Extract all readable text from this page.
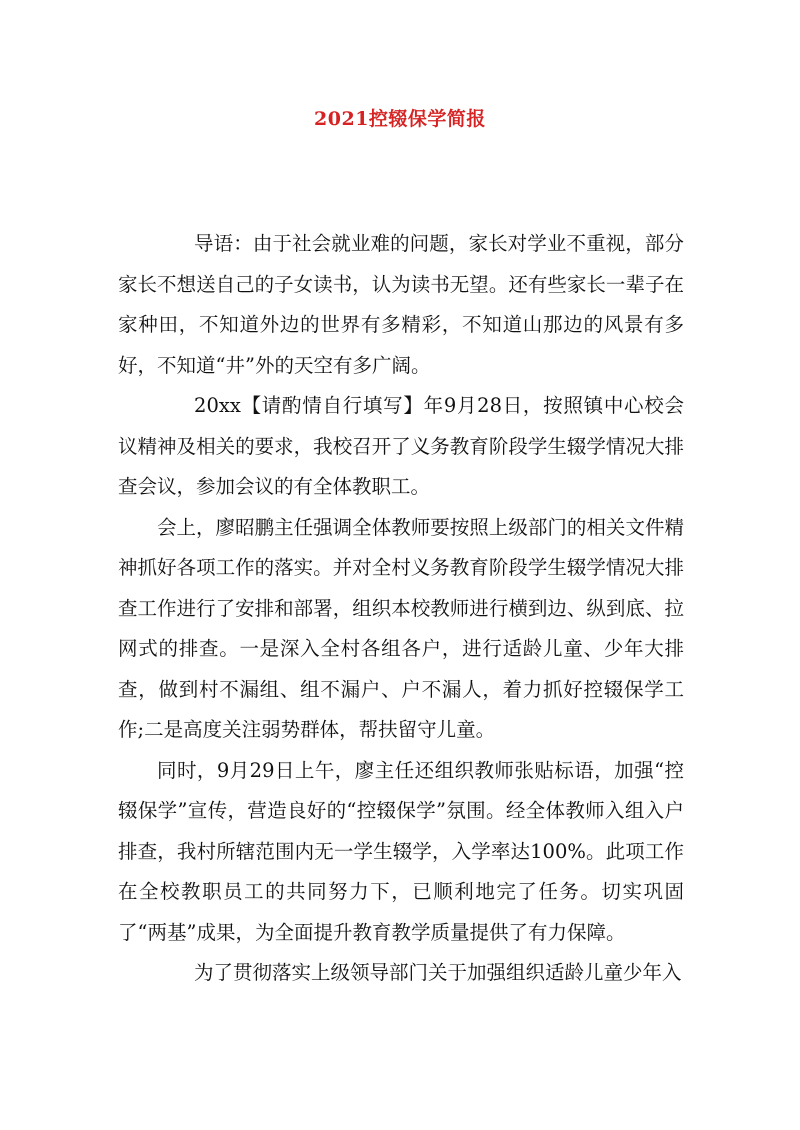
2021控辍保学简报

导语：由于社会就业难的问题，家长对学业不重视，部分家长不想送自己的子女读书，认为读书无望。还有些家长一辈子在家种田，不知道外边的世界有多精彩，不知道山那边的风景有多好，不知道“井”外的天空有多广阔。

20xx【请酌情自行填写】年9月28日，按照镇中心校会议精神及相关的要求，我校召开了义务教育阶段学生辍学情况大排查会议，参加会议的有全体教职工。

会上，廖昭鹏主任强调全体教师要按照上级部门的相关文件精神抓好各项工作的落实。并对全村义务教育阶段学生辍学情况大排查工作进行了安排和部署，组织本校教师进行横到边、纵到底、拉网式的排查。一是深入全村各组各户，进行适龄儿童、少年大排查，做到村不漏组、组不漏户、户不漏人，着力抓好控辍保学工作;二是高度关注弱势群体，帮扶留守儿童。

同时，9月29日上午，廖主任还组织教师张贴标语，加强“控辍保学”宣传，营造良好的“控辍保学”氛围。经全体教师入组入户排查，我村所辖范围内无一学生辍学，入学率达100%。此项工作在全校教职员工的共同努力下，已顺利地完了任务。切实巩固了“两基”成果，为全面提升教育教学质量提供了有力保障。

为了贯彻落实上级领导部门关于加强组织适龄儿童少年入
